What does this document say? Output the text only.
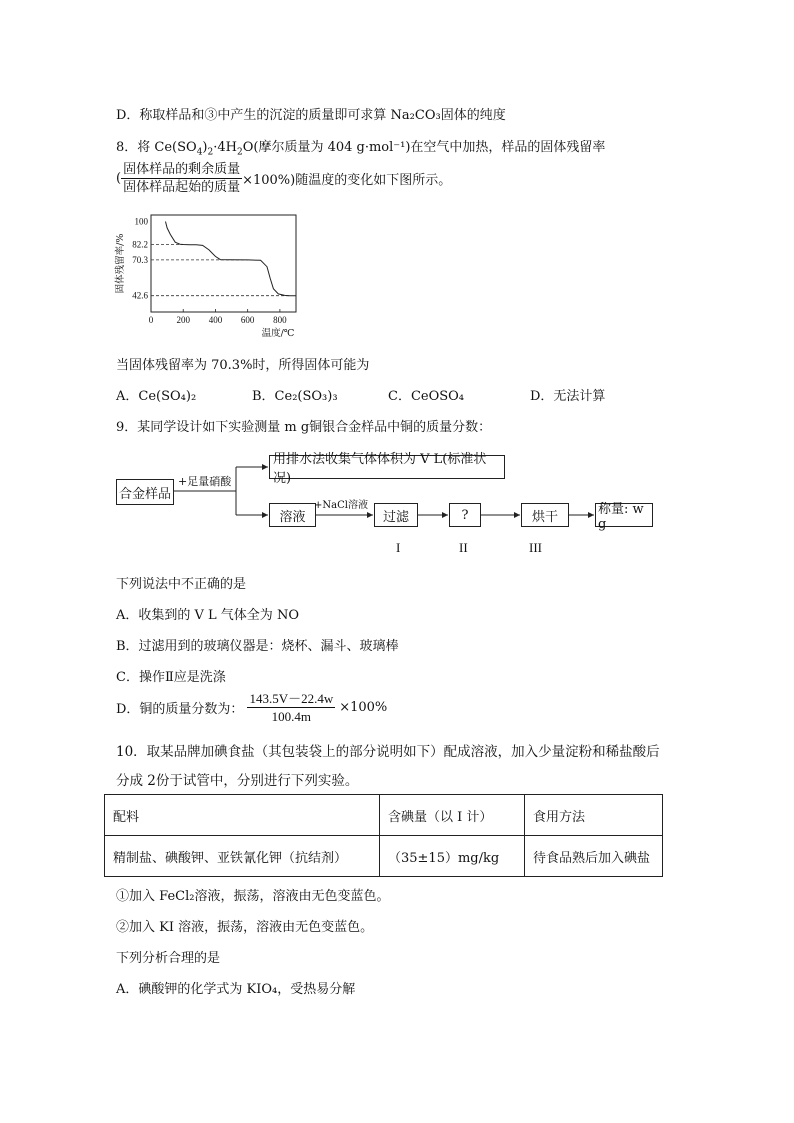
D．称取样品和③中产生的沉淀的质量即可求算 Na₂CO₃固体的纯度
8．将 $Ce(SO_4)_2\cdot 4H_2O$(摩尔质量为 404 g·mol⁻¹)在空气中加热，样品的固体残留率
( $\frac{\text{固体样品的剩余质量}}{\text{固体样品起始的质量}} \times 100\%$)随温度的变化如下图所示。
100
82.2
70.3
42.6
0	200 400 600 800
温度/℃
固体残留率/%
当固体残留率为 70.3%时，所得固体可能为
A．Ce(SO₄)₂	B．Ce₂(SO₃)₃	C．CeOSO₄	D．无法计算
9．某同学设计如下实验测量 m g铜银合金样品中铜的质量分数：
合金样品
+足量硝酸
用排水法收集气体体积为 V L(标准状况)
溶液
+NaCl溶液
过滤	?	烘干	称量: w g
I	II	III
下列说法中不正确的是
A．收集到的 V L 气体全为 NO
B．过滤用到的玻璃仪器是：烧杯、漏斗、玻璃棒
C．操作Ⅱ应是洗涤
D．铜的质量分数为： $\frac{143.5V-22.4w}{100.4m} \times 100\%$
10．取某品牌加碘食盐（其包装袋上的部分说明如下）配成溶液，加入少量淀粉和稀盐酸后
分成 2份于试管中，分别进行下列实验。
配料	含碘量（以 I 计）	食用方法
精制盐、碘酸钾、亚铁氰化钾（抗结剂）	（35±15）mg/kg	待食品熟后加入碘盐
①加入 FeCl₂溶液，振荡，溶液由无色变蓝色。
②加入 KI 溶液，振荡，溶液由无色变蓝色。
下列分析合理的是
A．碘酸钾的化学式为 KIO₄，受热易分解
